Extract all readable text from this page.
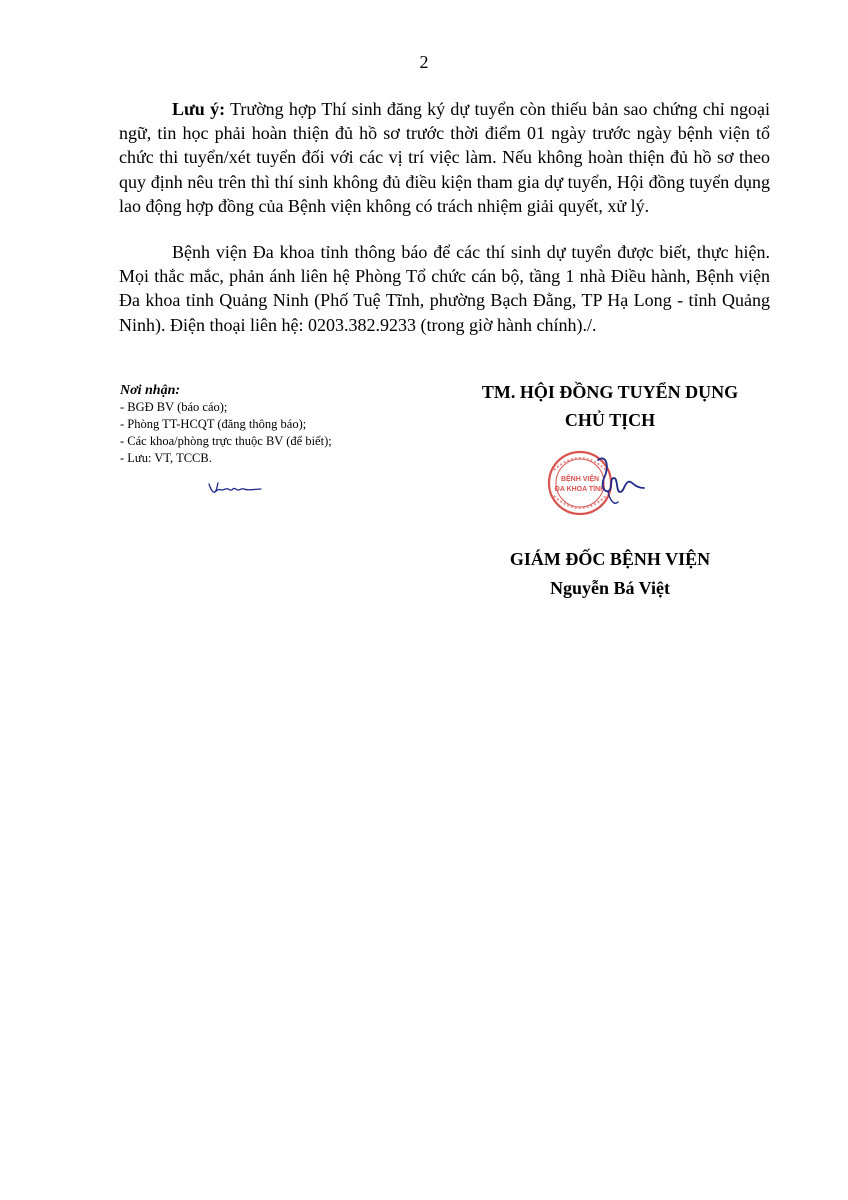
2

Lưu ý: Trường hợp Thí sinh đăng ký dự tuyển còn thiếu bản sao chứng chỉ ngoại ngữ, tin học phải hoàn thiện đủ hồ sơ trước thời điểm 01 ngày trước ngày bệnh viện tổ chức thi tuyển/xét tuyển đối với các vị trí việc làm. Nếu không hoàn thiện đủ hồ sơ theo quy định nêu trên thì thí sinh không đủ điều kiện tham gia dự tuyển, Hội đồng tuyển dụng lao động hợp đồng của Bệnh viện không có trách nhiệm giải quyết, xử lý.

Bệnh viện Đa khoa tỉnh thông báo để các thí sinh dự tuyển được biết, thực hiện. Mọi thắc mắc, phản ánh liên hệ Phòng Tổ chức cán bộ, tầng 1 nhà Điều hành, Bệnh viện Đa khoa tỉnh Quảng Ninh (Phố Tuệ Tĩnh, phường Bạch Đằng, TP Hạ Long - tỉnh Quảng Ninh). Điện thoại liên hệ: 0203.382.9233 (trong giờ hành chính)./.

Nơi nhận:
- BGĐ BV (báo cáo);
- Phòng TT-HCQT (đăng thông báo);
- Các khoa/phòng trực thuộc BV (để biết);
- Lưu: VT, TCCB.
TM. HỘI ĐỒNG TUYỂN DỤNG
CHỦ TỊCH
BỆNH VIỆN
ĐA KHOA TỈNH
GIÁM ĐỐC BỆNH VIỆN
Nguyễn Bá Việt
